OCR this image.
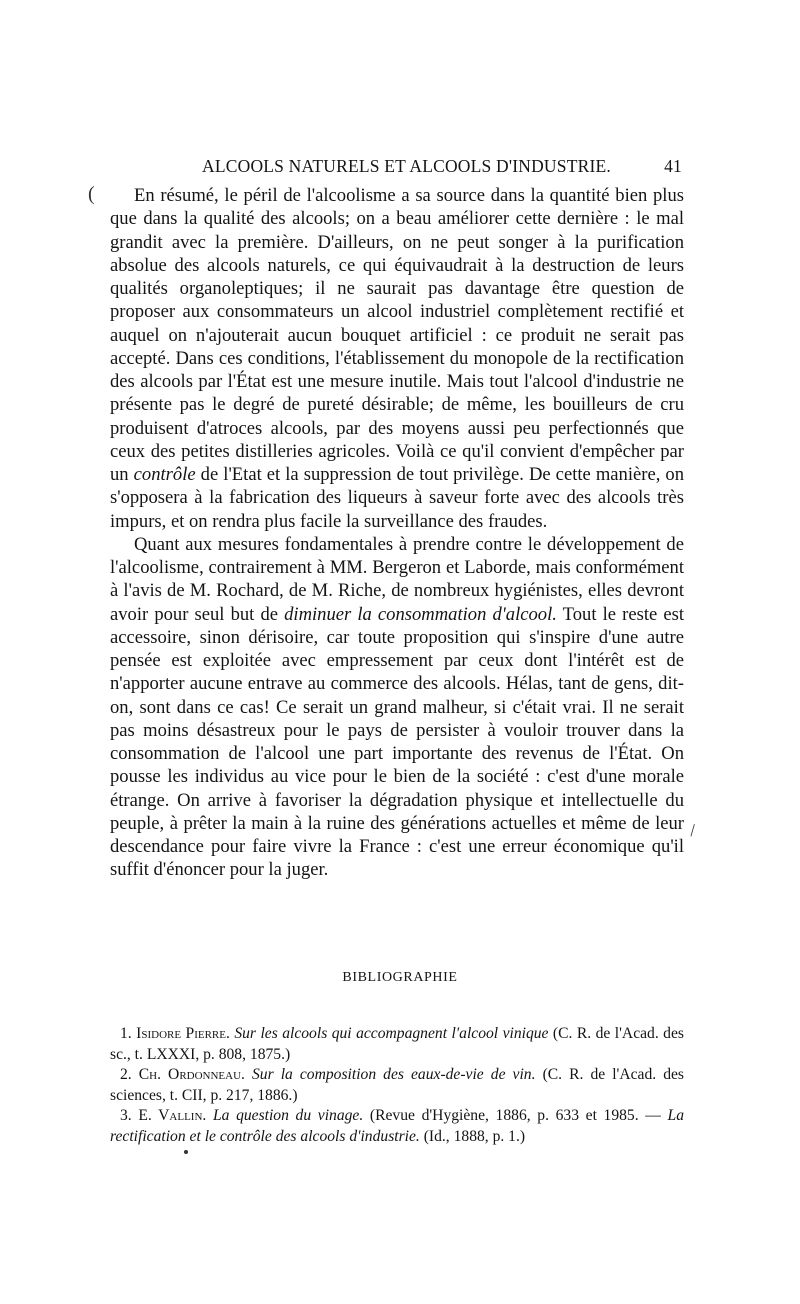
ALCOOLS NATURELS ET ALCOOLS D'INDUSTRIE.	41
(
\

En résumé, le péril de l'alcoolisme a sa source dans la quantité bien plus que dans la qualité des alcools; on a beau améliorer cette dernière : le mal grandit avec la première. D'ailleurs, on ne peut songer à la purification absolue des alcools naturels, ce qui équivaudrait à la destruction de leurs qualités organoleptiques; il ne saurait pas davantage être question de proposer aux consommateurs un alcool industriel complètement rectifié et auquel on n'ajouterait aucun bouquet artificiel : ce produit ne serait pas accepté. Dans ces conditions, l'établissement du monopole de la rectification des alcools par l'État est une mesure inutile. Mais tout l'alcool d'industrie ne présente pas le degré de pureté désirable; de même, les bouilleurs de cru produisent d'atroces alcools, par des moyens aussi peu perfectionnés que ceux des petites distilleries agricoles. Voilà ce qu'il convient d'empêcher par un contrôle de l'Etat et la suppression de tout privilège. De cette manière, on s'opposera à la fabrication des liqueurs à saveur forte avec des alcools très impurs, et on rendra plus facile la surveillance des fraudes.

Quant aux mesures fondamentales à prendre contre le développement de l'alcoolisme, contrairement à MM. Bergeron et Laborde, mais conformément à l'avis de M. Rochard, de M. Riche, de nombreux hygiénistes, elles devront avoir pour seul but de diminuer la consommation d'alcool. Tout le reste est accessoire, sinon dérisoire, car toute proposition qui s'inspire d'une autre pensée est exploitée avec empressement par ceux dont l'intérêt est de n'apporter aucune entrave au commerce des alcools. Hélas, tant de gens, dit-on, sont dans ce cas! Ce serait un grand malheur, si c'était vrai. Il ne serait pas moins désastreux pour le pays de persister à vouloir trouver dans la consommation de l'alcool une part importante des revenus de l'État. On pousse les individus au vice pour le bien de la société : c'est d'une morale étrange. On arrive à favoriser la dégradation physique et intellectuelle du peuple, à prêter la main à la ruine des générations actuelles et même de leur descendance pour faire vivre la France : c'est une erreur économique qu'il suffit d'énoncer pour la juger.

BIBLIOGRAPHIE

1. Isidore Pierre. Sur les alcools qui accompagnent l'alcool vinique (C. R. de l'Acad. des sc., t. LXXXI, p. 808, 1875.)

2. Ch. Ordonneau. Sur la composition des eaux-de-vie de vin. (C. R. de l'Acad. des sciences, t. CII, p. 217, 1886.)

3. E. Vallin. La question du vinage. (Revue d'Hygiène, 1886, p. 633 et 1985. — La rectification et le contrôle des alcools d'industrie. (Id., 1888, p. 1.)
